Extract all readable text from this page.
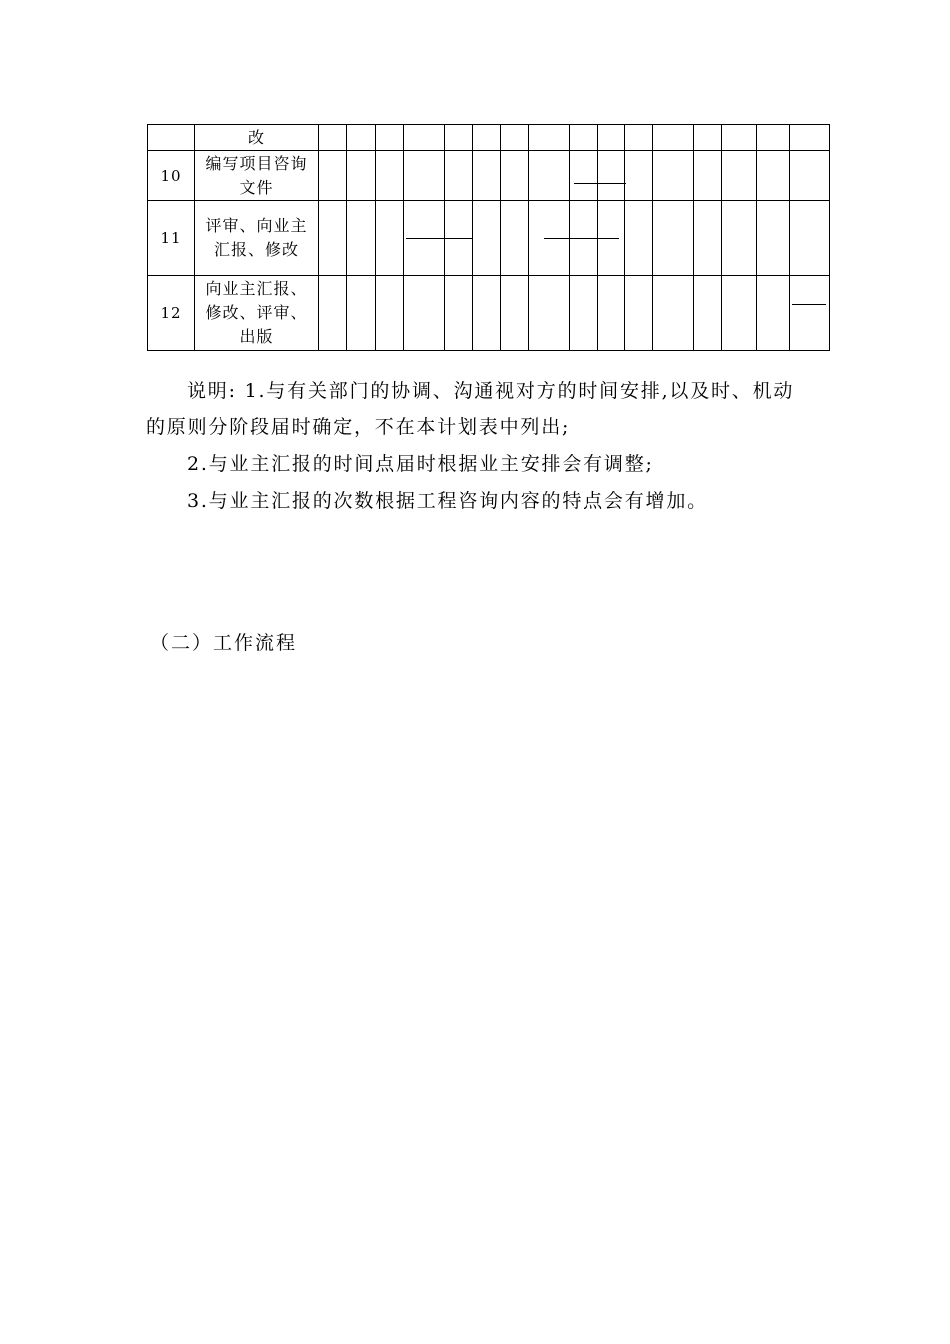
	改																
10	编写项目咨询文件									

11	评审、向业主汇报、修改				

12	向业主汇报、修改、评审、出版																
说明: 1.与有关部门的协调、沟通视对方的时间安排,以及时、机动
的原则分阶段届时确定，不在本计划表中列出;
2.与业主汇报的时间点届时根据业主安排会有调整;
3.与业主汇报的次数根据工程咨询内容的特点会有增加。
（二）工作流程
